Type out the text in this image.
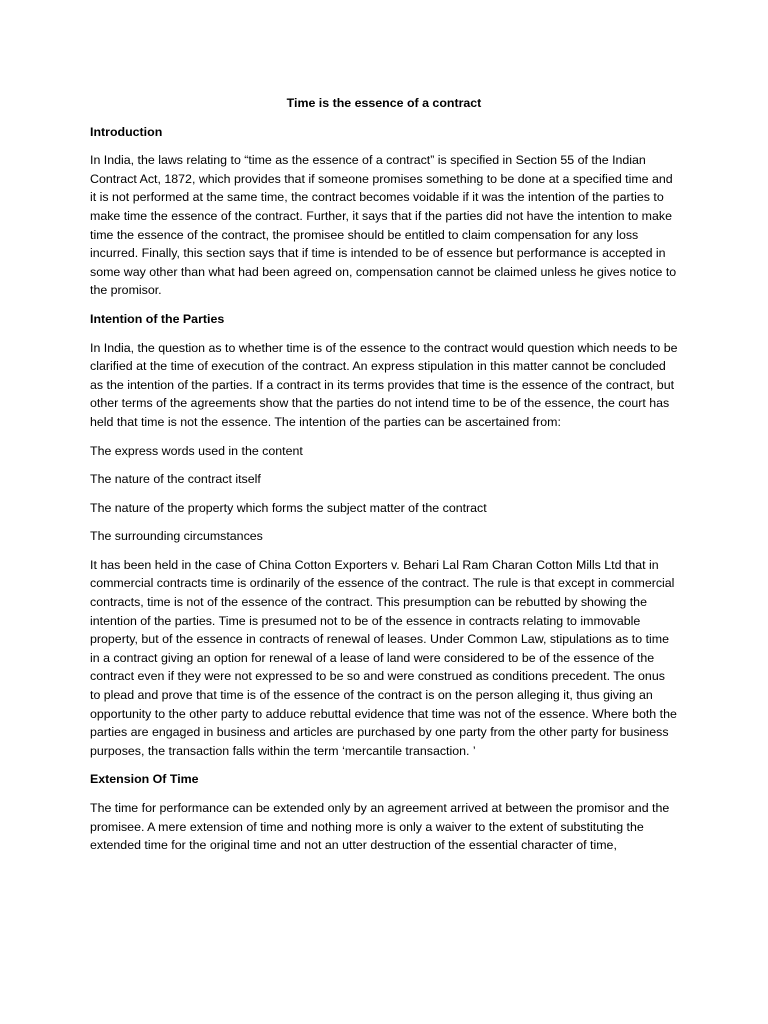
Time is the essence of a contract

Introduction

In India, the laws relating to “time as the essence of a contract” is specified in Section 55 of the Indian Contract Act, 1872, which provides that if someone promises something to be done at a specified time and it is not performed at the same time, the contract becomes voidable if it was the intention of the parties to make time the essence of the contract. Further, it says that if the parties did not have the intention to make time the essence of the contract, the promisee should be entitled to claim compensation for any loss incurred. Finally, this section says that if time is intended to be of essence but performance is accepted in some way other than what had been agreed on, compensation cannot be claimed unless he gives notice to the promisor.

Intention of the Parties

In India, the question as to whether time is of the essence to the contract would question which needs to be clarified at the time of execution of the contract. An express stipulation in this matter cannot be concluded as the intention of the parties. If a contract in its terms provides that time is the essence of the contract, but other terms of the agreements show that the parties do not intend time to be of the essence, the court has held that time is not the essence. The intention of the parties can be ascertained from:

The express words used in the content

The nature of the contract itself

The nature of the property which forms the subject matter of the contract

The surrounding circumstances

It has been held in the case of China Cotton Exporters v. Behari Lal Ram Charan Cotton Mills Ltd that in commercial contracts time is ordinarily of the essence of the contract. The rule is that except in commercial contracts, time is not of the essence of the contract. This presumption can be rebutted by showing the intention of the parties. Time is presumed not to be of the essence in contracts relating to immovable property, but of the essence in contracts of renewal of leases. Under Common Law, stipulations as to time in a contract giving an option for renewal of a lease of land were considered to be of the essence of the contract even if they were not expressed to be so and were construed as conditions precedent. The onus to plead and prove that time is of the essence of the contract is on the person alleging it, thus giving an opportunity to the other party to adduce rebuttal evidence that time was not of the essence. Where both the parties are engaged in business and articles are purchased by one party from the other party for business purposes, the transaction falls within the term ‘mercantile transaction. ’

Extension Of Time

The time for performance can be extended only by an agreement arrived at between the promisor and the promisee. A mere extension of time and nothing more is only a waiver to the extent of substituting the extended time for the original time and not an utter destruction of the essential character of time,
